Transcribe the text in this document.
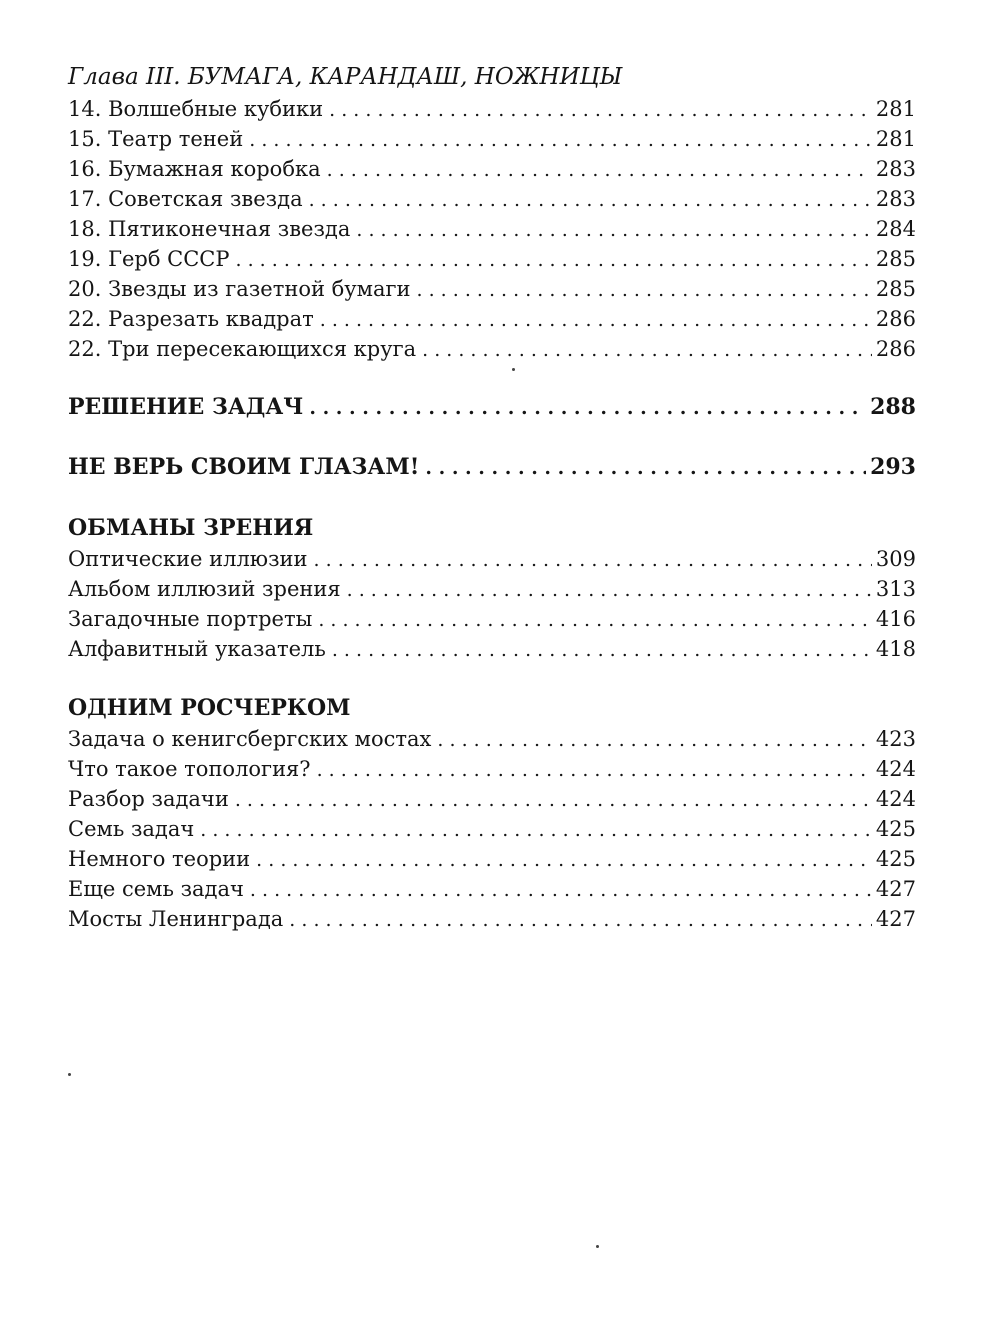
Глава III. БУМАГА, КАРАНДАШ, НОЖНИЦЫ
14. Волшебные кубики . . .	281
15. Театр теней . . .	281
16. Бумажная коробка . . .	283
17. Советская звезда . . .	283
18. Пятиконечная звезда . . .	284
19. Герб СССР . . .	285
20. Звезды из газетной бумаги . . .	285
22. Разрезать квадрат . . .	286
22. Три пересекающихся круга . . .	286
РЕШЕНИЕ ЗАДАЧ . . .	288
НЕ ВЕРЬ СВОИМ ГЛАЗАМ! . . .	293
ОБМАНЫ ЗРЕНИЯ
Оптические иллюзии . . .	309
Альбом иллюзий зрения . . .	313
Загадочные портреты . . .	416
Алфавитный указатель . . .	418
ОДНИМ РОСЧЕРКОМ
Задача о кенигсбергских мостах . . .	423
Что такое топология? . . .	424
Разбор задачи . . .	424
Семь задач . . .	425
Немного теории . . .	425
Еще семь задач . . .	427
Мосты Ленинграда . . .	427
